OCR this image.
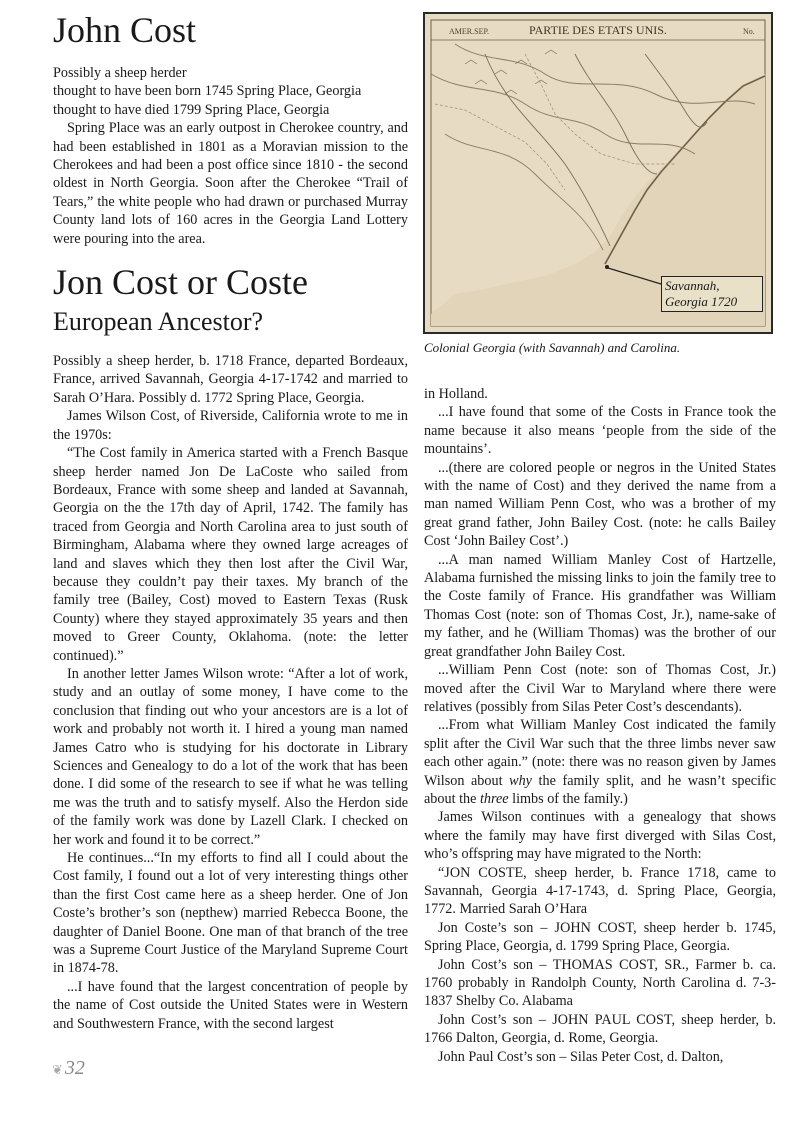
John Cost

Possibly a sheep herder

thought to have been born 1745 Spring Place, Georgia

thought to have died 1799 Spring Place, Georgia

Spring Place was an early outpost in Cherokee country, and had been established in 1801 as a Moravian mission to the Cherokees and had been a post office since 1810 - the second oldest in North Georgia. Soon after the Cherokee “Trail of Tears,” the white people who had drawn or purchased Murray County land lots of 160 acres in the Georgia Land Lottery were pouring into the area.

Jon Cost or Coste
European Ancestor?

Possibly a sheep herder, b. 1718 France, departed Bordeaux, France, arrived Savannah, Georgia 4-17-1742 and married to Sarah O’Hara. Possibly d. 1772 Spring Place, Georgia.

James Wilson Cost, of Riverside, California wrote to me in the 1970s:

“The Cost family in America started with a French Basque sheep herder named Jon De LaCoste who sailed from Bordeaux, France with some sheep and landed at Savannah, Georgia on the the 17th day of April, 1742. The family has traced from Georgia and North Carolina area to just south of Birmingham, Alabama where they owned large acreages of land and slaves which they then lost after the Civil War, because they couldn’t pay their taxes. My branch of the family tree (Bailey, Cost) moved to Eastern Texas (Rusk County) where they stayed approximately 35 years and then moved to Greer County, Oklahoma. (note: the letter continued).”

In another letter James Wilson wrote: “After a lot of work, study and an outlay of some money, I have come to the conclusion that finding out who your ancestors are is a lot of work and probably not worth it. I hired a young man named James Catro who is studying for his doctorate in Library Sciences and Genealogy to do a lot of the work that has been done. I did some of the research to see if what he was telling me was the truth and to satisfy myself. Also the Herdon side of the family work was done by Lazell Clark. I checked on her work and found it to be correct.”

He continues...“In my efforts to find all I could about the Cost family, I found out a lot of very interesting things other than the first Cost came here as a sheep herder. One of Jon Coste’s brother’s son (nepthew) married Rebecca Boone, the daughter of Daniel Boone. One man of that branch of the tree was a Supreme Court Justice of the Maryland Supreme Court in 1874-78.

...I have found that the largest concentration of people by the name of Cost outside the United States were in Western and Southwestern France, with the second largest

AMER.SEP.	PARTIE DES ETATS UNIS.	No.
Savannah,
Georgia 1720
Colonial Georgia (with Savannah) and Carolina.

in Holland.

...I have found that some of the Costs in France took the name because it also means ‘people from the side of the mountains’.

...(there are colored people or negros in the United States with the name of Cost) and they derived the name from a man named William Penn Cost, who was a brother of my great grand father, John Bailey Cost. (note: he calls Bailey Cost ‘John Bailey Cost’.)

...A man named William Manley Cost of Hartzelle, Alabama furnished the missing links to join the family tree to the Coste family of France. His grandfather was William Thomas Cost (note: son of Thomas Cost, Jr.), name-sake of my father, and he (William Thomas) was the brother of our great grandfather John Bailey Cost.

...William Penn Cost (note: son of Thomas Cost, Jr.) moved after the Civil War to Maryland where there were relatives (possibly from Silas Peter Cost’s descendants).

...From what William Manley Cost indicated the family split after the Civil War such that the three limbs never saw each other again.” (note: there was no reason given by James Wilson about why the family split, and he wasn’t specific about the three limbs of the family.)

James Wilson continues with a genealogy that shows where the family may have first diverged with Silas Cost, who’s offspring may have migrated to the North:

“JON COSTE, sheep herder, b. France 1718, came to Savannah, Georgia 4-17-1743, d. Spring Place, Georgia, 1772. Married Sarah O’Hara

Jon Coste’s son – JOHN COST, sheep herder b. 1745, Spring Place, Georgia, d. 1799 Spring Place, Georgia.

John Cost’s son – THOMAS COST, SR., Farmer b. ca. 1760 probably in Randolph County, North Carolina d. 7-3-1837 Shelby Co. Alabama

John Cost’s son – JOHN PAUL COST, sheep herder, b. 1766 Dalton, Georgia, d. Rome, Georgia.

John Paul Cost’s son – Silas Peter Cost, d. Dalton,

❦ 32
